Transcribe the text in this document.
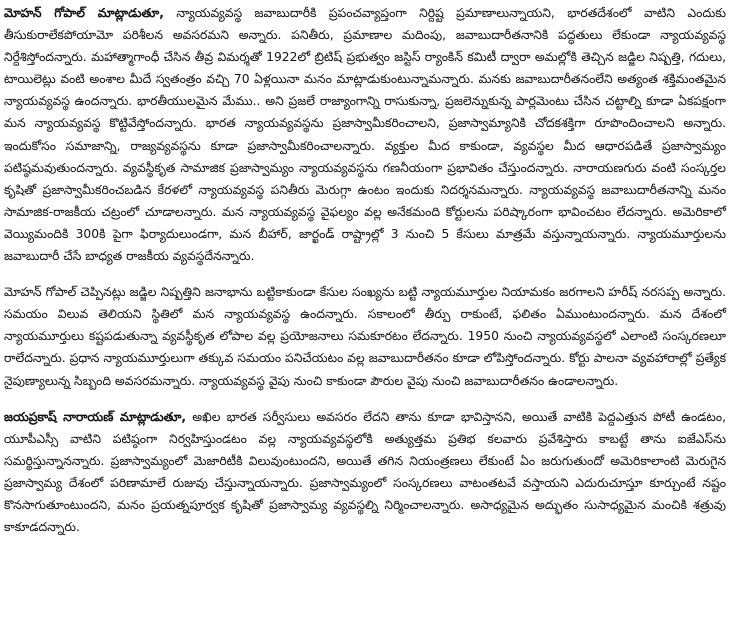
మోహన్ గోపాల్ మాట్లాడుతూ, న్యాయవ్యవస్థ జవాబుదారీకి ప్రపంచవ్యాప్తంగా నిర్దిష్ట ప్రమాణాలున్నాయని, భారతదేశంలో వాటిని ఎందుకు తీసుకురాలేకపోయామో పరిశీలన అవసరమని అన్నారు. పనితీరు, ప్రమాణాల మదింపు, జవాబుదారీతనానికి పద్ధతులు లేకుండా న్యాయవ్యవస్థ నిర్దేశిస్తోందన్నారు. మహాత్మాగాంధీ చేసిన తీవ్ర విమర్శతో 1922లో బ్రిటిష్ ప్రభుత్వం జస్టిస్ ర్యాంకిన్ కమిటీ ద్వారా అమల్లోకి తెచ్చిన జడ్జిల నిష్పత్తి, గదులు, టాయిలెట్లు వంటి అంశాల మీదే స్వతంత్రం వచ్చి 70 ఏళ్లయినా మనం మాట్లాడుకుంటున్నామన్నారు. మనకు జవాబుదారీతనంలేని అత్యంత శక్తిమంతమైన న్యాయవ్యవస్థ ఉందన్నారు. భారతీయులమైన మేము.. అని ప్రజలే రాజ్యాంగాన్ని రాసుకున్నా, ప్రజలెన్నుకున్న పార్లమెంటు చేసిన చట్టాల్ని కూడా ఏకపక్షంగా మన న్యాయవ్యవస్థ కొట్టివేస్తోందన్నారు. భారత న్యాయవ్యవస్థను ప్రజాస్వామీకరించాలని, ప్రజాస్వామ్యానికి చోదకశక్తిగా రూపొందించాలని అన్నారు. ఇందుకోసం సమాజాన్ని, రాజ్యవ్యవస్థను కూడా ప్రజాస్వామీకరించాలన్నారు. వ్యక్తుల మీద కాకుండా, వ్యవస్థల మీద ఆధారపడితే ప్రజాస్వామ్యం పటిష్ఠమవుతుందన్నారు. వ్యవస్థీకృత సామాజిక ప్రజాస్వామ్యం న్యాయవ్యవస్థను గణనీయంగా ప్రభావితం చేస్తుందన్నారు. నారాయణగురు వంటి సంస్కర్తల కృషితో ప్రజాస్వామీకరించబడిన కేరళలో న్యాయవ్యవస్థ పనితీరు మెరుగ్గా ఉంటం ఇందుకు నిదర్శనమన్నారు. న్యాయవ్యవస్థ జవాబుదారీతనాన్ని మనం సామాజిక-రాజకీయ చట్రంలో చూడాలన్నారు. మన న్యాయవ్యవస్థ వైఫల్యం వల్ల అనేకమంది కోర్టులను పరిష్కారంగా భావించటం లేదన్నారు. అమెరికాలో వెయ్యిమందికి 300కి పైగా ఫిర్యాదులుండగా, మన బీహార్, జార్ఖండ్ రాష్ట్రాల్లో 3 నుంచి 5 కేసులు మాత్రమే వస్తున్నాయన్నారు. న్యాయమూర్తులను జవాబుదారీ చేసే బాధ్యత రాజకీయ వ్యవస్థదేనన్నారు.

మోహన్ గోపాల్ చెప్పినట్లు జడ్జిల నిష్పత్తిని జనాభాను బట్టికాకుండా కేసుల సంఖ్యను బట్టి న్యాయమూర్తుల నియామకం జరగాలని హరీష్ నరసప్ప అన్నారు. సమయం విలువ తెలియని స్థితిలో మన న్యాయవ్యవస్థ ఉందన్నారు. సకాలంలో తీర్పు రాకుంటే, ఫలితం ఏముంటుందన్నారు. మన దేశంలో న్యాయమూర్తులు కష్టపడుతున్నా వ్యవస్థీకృత లోపాల వల్ల ప్రయోజనాలు సమకూరటం లేదన్నారు. 1950 నుంచి న్యాయవ్యవస్థలో ఎలాంటి సంస్కరణలూ రాలేదన్నారు. ప్రధాన న్యాయమూర్తులుగా తక్కువ సమయం పనిచేయటం వల్ల జవాబుదారీతనం కూడా లోపిస్తోందన్నారు. కోర్టు పాలనా వ్యవహారాల్లో ప్రత్యేక నైపుణ్యాలున్న సిబ్బంది అవసరమన్నారు. న్యాయవ్యవస్థ వైపు నుంచి కాకుండా పౌరుల వైపు నుంచి జవాబుదారీతనం ఉండాలన్నారు.

జయప్రకాష్ నారాయణ్ మాట్లాడుతూ, అఖిల భారత సర్వీసులు అవసరం లేదని తాను కూడా భావిస్తానని, అయితే వాటికి పెద్దఎత్తున పోటీ ఉండటం, యూపీఎస్సీ వాటిని పటిష్ఠంగా నిర్వహిస్తుండటం వల్ల న్యాయవ్యవస్థలోకి అత్యుత్తమ ప్రతిభ కలవారు ప్రవేశిస్తారు కాబట్టే తాను ఐజేఎస్‌ను సమర్థిస్తున్నానన్నారు. ప్రజాస్వామ్యంలో మెజారిటీకి విలువుంటుందని, అయితే తగిన నియంత్రణలు లేకుంటే ఏం జరుగుతుందో అమెరికాలాంటి మెరుగైన ప్రజాస్వామ్య దేశంలో పరిణామాలే రుజువు చేస్తున్నాయన్నారు. ప్రజాస్వామ్యంలో సంస్కరణలు వాటంతటవే వస్తాయని ఎదురుచూస్తూ కూర్చుంటే నష్టం కొనసాగుతూంటుందని, మనం ప్రయత్నపూర్వక కృషితో ప్రజాస్వామ్య వ్యవస్థల్ని నిర్మించాలన్నారు. అసాధ్యమైన అద్భుతం సుసాధ్యమైన మంచికి శత్రువు కాకూడదన్నారు.
